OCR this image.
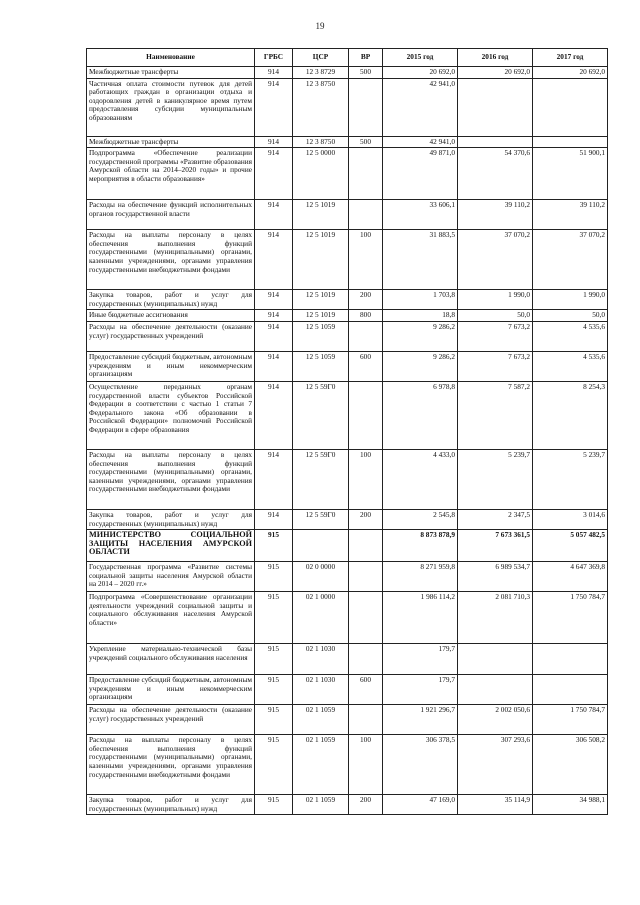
19
Наименование	ГРБС	ЦСР	ВР	2015 год	2016 год	2017 год
Межбюджетные трансферты	914	12 3 8729	500	20 692,0	20 692,0	20 692,0
Частичная оплата стоимости путевок для детей работающих граждан в организации отдыха и оздоровления детей в каникулярное время путем предоставления субсидии муниципальным образованиям	914	12 3 8750		42 941,0		
Межбюджетные трансферты	914	12 3 8750	500	42 941,0		
Подпрограмма «Обеспечение реализации государственной программы «Развитие образования Амурской области на 2014–2020 годы» и прочие мероприятия в области образования»	914	12 5 0000		49 871,0	54 370,6	51 900,1
Расходы на обеспечение функций исполнительных органов государственной власти	914	12 5 1019		33 606,1	39 110,2	39 110,2
Расходы на выплаты персоналу в целях обеспечения выполнения функций государственными (муниципальными) органами, казенными учреждениями, органами управления государственными внебюджетными фондами	914	12 5 1019	100	31 883,5	37 070,2	37 070,2
Закупка товаров, работ и услуг для государственных (муниципальных) нужд	914	12 5 1019	200	1 703,8	1 990,0	1 990,0
Иные бюджетные ассигнования	914	12 5 1019	800	18,8	50,0	50,0
Расходы на обеспечение деятельности (оказание услуг) государственных учреждений	914	12 5 1059		9 286,2	7 673,2	4 535,6
Предоставление субсидий бюджетным, автономным учреждениям и иным некоммерческим организациям	914	12 5 1059	600	9 286,2	7 673,2	4 535,6
Осуществление переданных органам государственной власти субъектов Российской Федерации в соответствии с частью 1 статьи 7 Федерального закона «Об образовании в Российской Федерации» полномочий Российской Федерации в сфере образования	914	12 5 59Г0		6 978,8	7 587,2	8 254,3
Расходы на выплаты персоналу в целях обеспечения выполнения функций государственными (муниципальными) органами, казенными учреждениями, органами управления государственными внебюджетными фондами	914	12 5 59Г0	100	4 433,0	5 239,7	5 239,7
Закупка товаров, работ и услуг для государственных (муниципальных) нужд	914	12 5 59Г0	200	2 545,8	2 347,5	3 014,6
МИНИСТЕРСТВО СОЦИАЛЬНОЙ ЗАЩИТЫ НАСЕЛЕНИЯ АМУРСКОЙ ОБЛАСТИ	915			8 873 878,9	7 673 361,5	5 057 482,5
Государственная программа «Развитие системы социальной защиты населения Амурской области на 2014 – 2020 гг.»	915	02 0 0000		8 271 959,8	6 989 534,7	4 647 369,8
Подпрограмма «Совершенствование организации деятельности учреждений социальной защиты и социального обслуживания населения Амурской области»	915	02 1 0000		1 986 114,2	2 081 710,3	1 750 784,7
Укрепление материально-технической базы учреждений социального обслуживания населения	915	02 1 1030		179,7		
Предоставление субсидий бюджетным, автономным учреждениям и иным некоммерческим организациям	915	02 1 1030	600	179,7		
Расходы на обеспечение деятельности (оказание услуг) государственных учреждений	915	02 1 1059		1 921 296,7	2 002 050,6	1 750 784,7
Расходы на выплаты персоналу в целях обеспечения выполнения функций государственными (муниципальными) органами, казенными учреждениями, органами управления государственными внебюджетными фондами	915	02 1 1059	100	306 378,5	307 293,6	306 508,2
Закупка товаров, работ и услуг для государственных (муниципальных) нужд	915	02 1 1059	200	47 169,0	35 114,9	34 988,1
